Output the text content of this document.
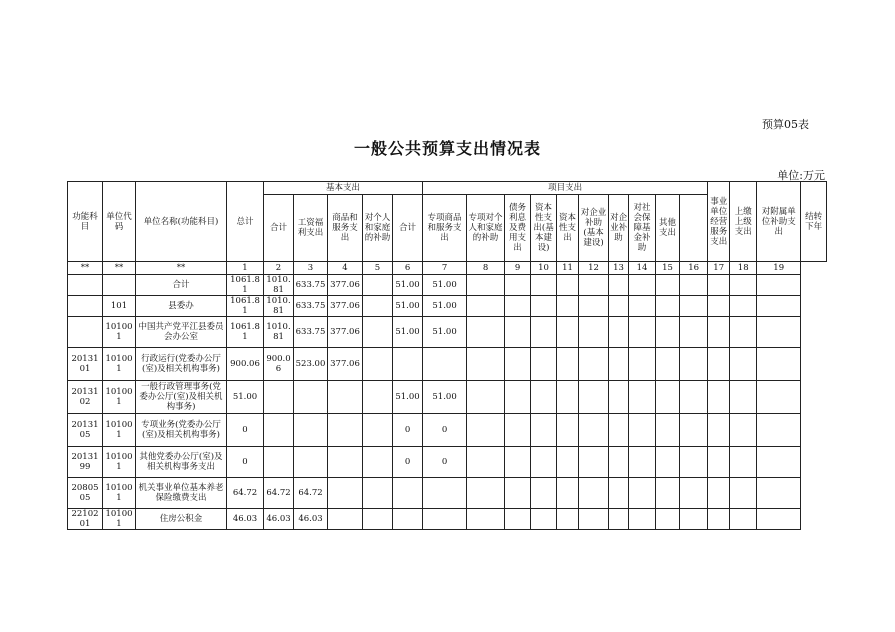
预算05表
一般公共预算支出情况表
单位:万元
功能科目	单位代码	单位名称(功能科目)	总计	基本支出					项目支出										事业单位经营服务支出	上缴上级支出	对附属单位补助支出	结转下年
				合计	工资福利支出	商品和服务支出	对个人和家庭的补助	合计	专项商品和服务支出	专项对个人和家庭的补助	债务利息及费用支出	资本性支出(基本建设)	资本性支出	对企业补助(基本建设)	对企业补助	对社会保障基金补助	其他支出					
**	**	**	1	2	3	4	5	6	7	8	9	10	11	12	13	14	15	16	17	18	19	
		合计	1061.81	1010.81	633.75	377.06		51.00	51.00													
	101	县委办	1061.81	1010.81	633.75	377.06		51.00	51.00													
	101001	中国共产党平江县委员会办公室	1061.81	1010.81	633.75	377.06		51.00	51.00													
2013101	101001	行政运行(党委办公厅(室)及相关机构事务)	900.06	900.06	523.00	377.06																
2013102	101001	一般行政管理事务(党委办公厅(室)及相关机构事务)	51.00					51.00	51.00													
2013105	101001	专项业务(党委办公厅(室)及相关机构事务)	0					0	0													
2013199	101001	其他党委办公厅(室)及相关机构事务支出	0					0	0													
2080505	101001	机关事业单位基本养老保险缴费支出	64.72	64.72	64.72																	
2210201	101001	住房公积金	46.03	46.03	46.03																	
